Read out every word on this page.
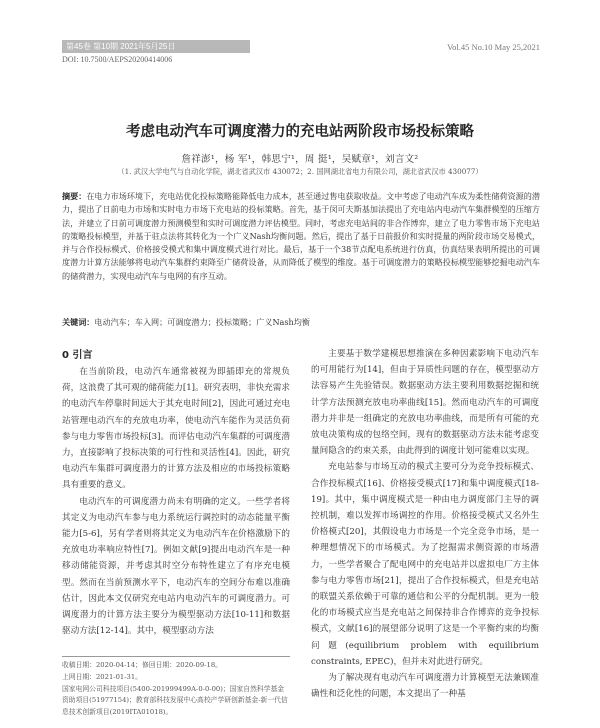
第45卷 第10期 2021年5月25日	Vol.45 No.10 May 25,2021
DOI: 10.7500/AEPS20200414006
考虑电动汽车可调度潜力的充电站两阶段市场投标策略
詹祥澎¹，杨 军¹，韩思宁¹，周 挺¹，吴赋章¹，刘言文²
（1. 武汉大学电气与自动化学院，湖北省武汉市 430072；2. 国网湖北省电力有限公司，湖北省武汉市 430077）
摘要：在电力市场环境下，充电站优化投标策略能降低电力成本，甚至通过售电获取收益。文中考虑了电动汽车成为柔性储荷资源的潜力，提出了日前电力市场和实时电力市场下充电站的投标策略。首先，基于闵可夫斯基加法提出了充电站内电动汽车集群模型的压缩方法，并建立了日前可调度潜力预测模型和实时可调度潜力评估模型。同时，考虑充电站间的非合作博弈，建立了电力零售市场下充电站的策略投标模型，并基于驻点法将其转化为一个广义Nash均衡问题。然后，提出了基于日前报价和实时提量的两阶段市场交易模式，并与合作投标模式、价格接受模式和集中调度模式进行对比。最后，基于一个38节点配电系统进行仿真，仿真结果表明所提出的可调度潜力计算方法能够将电动汽车集群约束降至广储荷设备，从而降低了模型的维度。基于可调度潜力的策略投标模型能够挖掘电动汽车的储荷潜力，实现电动汽车与电网的有序互动。
关键词：电动汽车；车入网；可调度潜力；投标策略；广义Nash均衡
0 引言

在当前阶段，电动汽车通常被视为即插即充的常规负荷，这浪费了其可观的储荷能力[1]。研究表明，非快充需求的电动汽车停靠时间远大于其充电时间[2]，因此可通过充电站管理电动汽车的充放电功率，使电动汽车能作为灵活负荷参与电力零售市场投标[3]。而评估电动汽车集群的可调度潜力，直接影响了投标决策的可行性和灵活性[4]。因此，研究电动汽车集群可调度潜力的计算方法及相应的市场投标策略具有重要的意义。

电动汽车的可调度潜力尚未有明确的定义。一些学者将其定义为电动汽车参与电力系统运行调控时的动态能量平衡能力[5-6]，另有学者则将其定义为电动汽车在价格激励下的充放电功率响应特性[7]。例如文献[9]提出电动汽车是一种移动储能资源，并考虑其时空分布特性建立了有序充电模型。然而在当前预测水平下，电动汽车的空间分布难以准确估计，因此本文仅研究充电站内电动汽车的可调度潜力。可调度潜力的计算方法主要分为模型驱动方法[10-11]和数据驱动方法[12-14]。其中，模型驱动方法

主要基于数学建模思想推演在多种因素影响下电动汽车的可用能行为[14]，但由于异质性问题的存在，模型驱动方法容易产生先验错误。数据驱动方法主要利用数据挖掘和统计学方法预测充放电功率曲线[15]。然而电动汽车的可调度潜力并非是一组确定的充放电功率曲线，而是所有可能的充放电决策构成的包络空间，现有的数据驱动方法未能考虑变量间隐含的约束关系，由此得到的调度计划可能难以实现。

充电站参与市场互动的模式主要可分为竞争投标模式、合作投标模式[16]、价格接受模式[17]和集中调度模式[18-19]。其中，集中调度模式是一种由电力调度部门主导的调控机制，难以发挥市场调控的作用。价格接受模式又名外生价格模式[20]，其假设电力市场是一个完全竞争市场，是一种理想情况下的市场模式。为了挖掘需求侧资源的市场潜力，一些学者聚合了配电网中的充电站并以虚拟电厂方主体参与电力零售市场[21]，提出了合作投标模式，但是充电站的联盟关系依赖于可靠的通信和公平的分配机制。更为一般化的市场模式应当是充电站之间保持非合作博弈的竞争投标模式，文献[16]的展望部分说明了这是一个平衡约束的均衡问题(equilibrium problem with equilibrium constraints, EPEC)，但并未对此进行研究。

为了解决现有电动汽车可调度潜力计算模型无法兼顾准确性和泛化性的问题，本文提出了一种基

收稿日期：2020-04-14；修回日期：2020-09-18。
上网日期：2021-01-31。
国家电网公司科技项目(5400-201999499A-0-0-00)；国家自然科学基金资助项目(51977154)；教育部科技发展中心高校产学研创新基金-新一代信息技术创新项目(2019ITA01018)。
